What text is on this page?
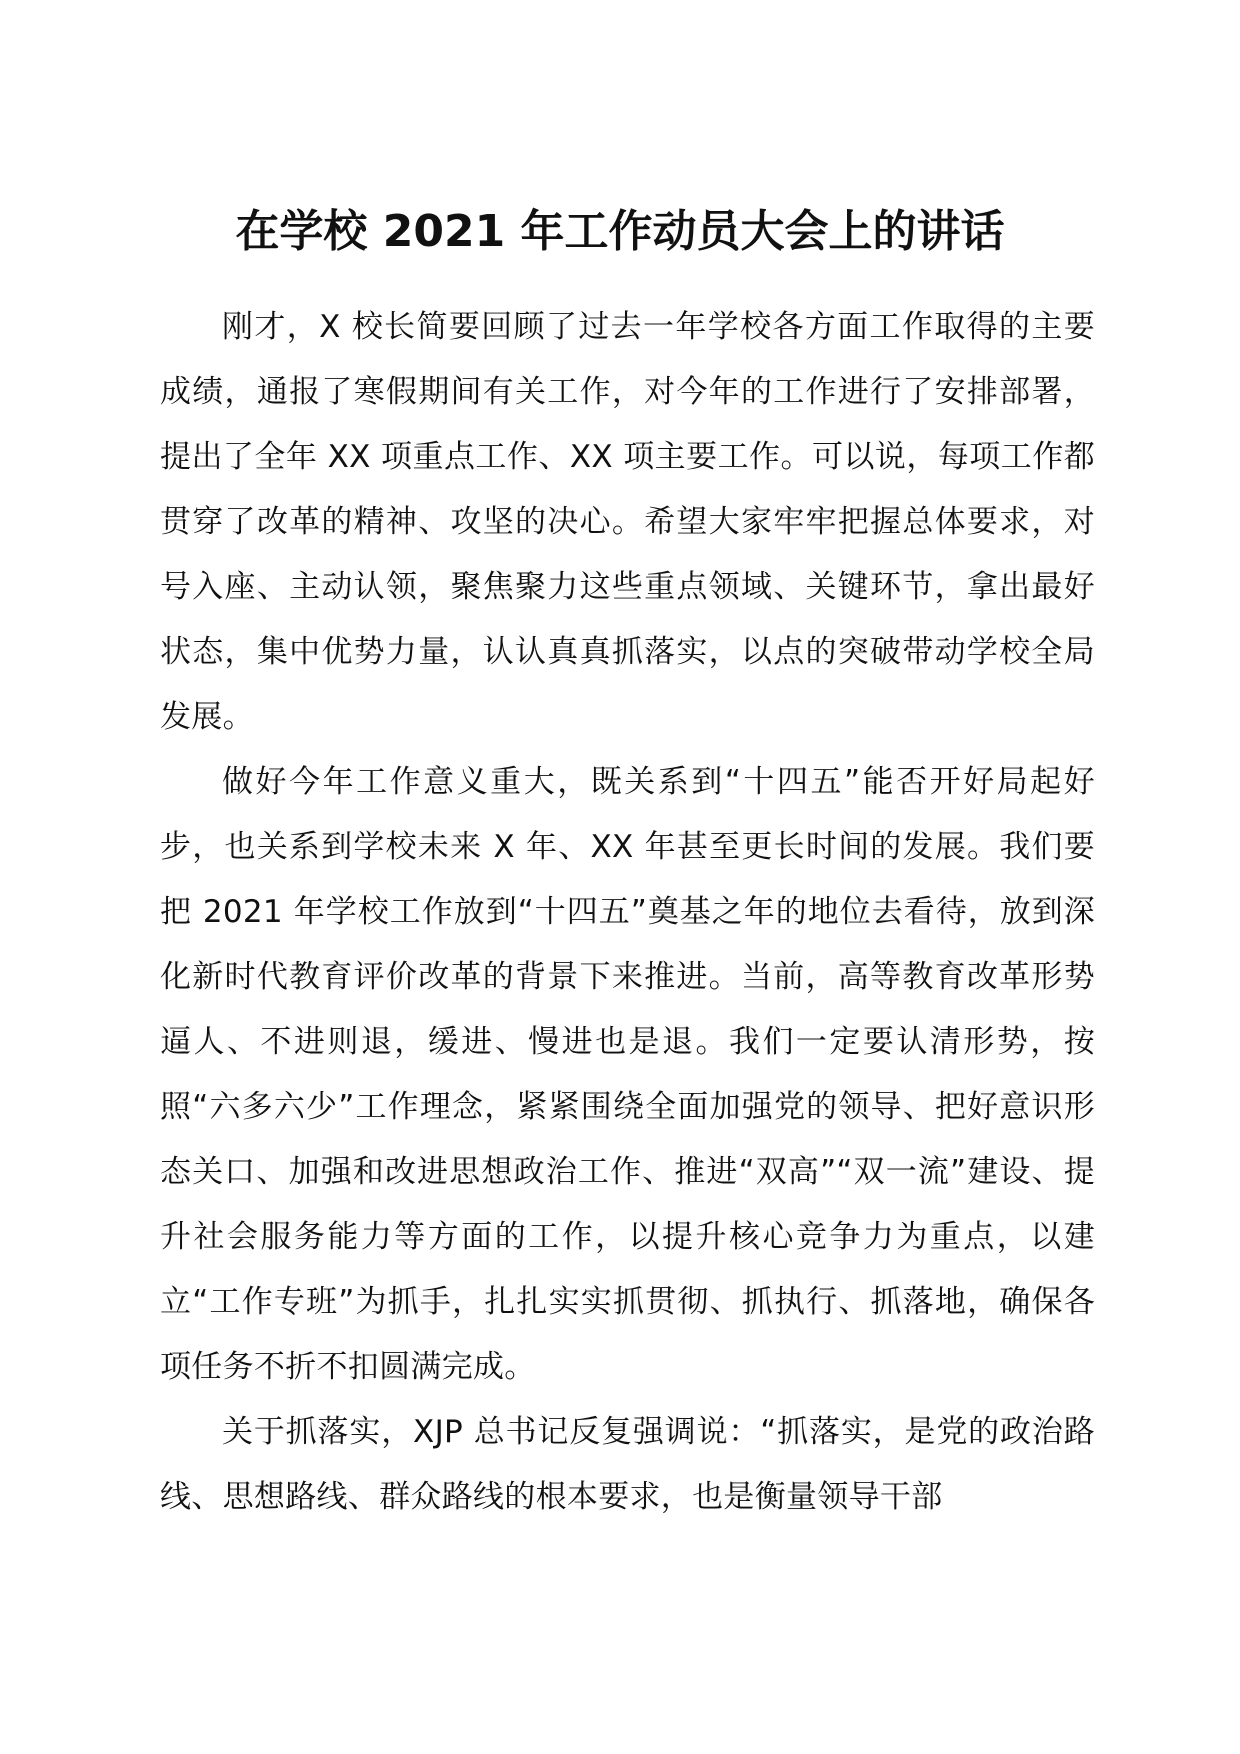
在学校 2021 年工作动员大会上的讲话

刚才，X 校长简要回顾了过去一年学校各方面工作取得的主要成绩，通报了寒假期间有关工作，对今年的工作进行了安排部署，提出了全年 XX 项重点工作、XX 项主要工作。可以说，每项工作都贯穿了改革的精神、攻坚的决心。希望大家牢牢把握总体要求，对号入座、主动认领，聚焦聚力这些重点领域、关键环节，拿出最好状态，集中优势力量，认认真真抓落实，以点的突破带动学校全局发展。

做好今年工作意义重大，既关系到“十四五”能否开好局起好步，也关系到学校未来 X 年、XX 年甚至更长时间的发展。我们要把 2021 年学校工作放到“十四五”奠基之年的地位去看待，放到深化新时代教育评价改革的背景下来推进。当前，高等教育改革形势逼人、不进则退，缓进、慢进也是退。我们一定要认清形势，按照“六多六少”工作理念，紧紧围绕全面加强党的领导、把好意识形态关口、加强和改进思想政治工作、推进“双高”“双一流”建设、提升社会服务能力等方面的工作，以提升核心竞争力为重点，以建立“工作专班”为抓手，扎扎实实抓贯彻、抓执行、抓落地，确保各项任务不折不扣圆满完成。

关于抓落实，XJP 总书记反复强调说：“抓落实，是党的政治路线、思想路线、群众路线的根本要求，也是衡量领导干部
